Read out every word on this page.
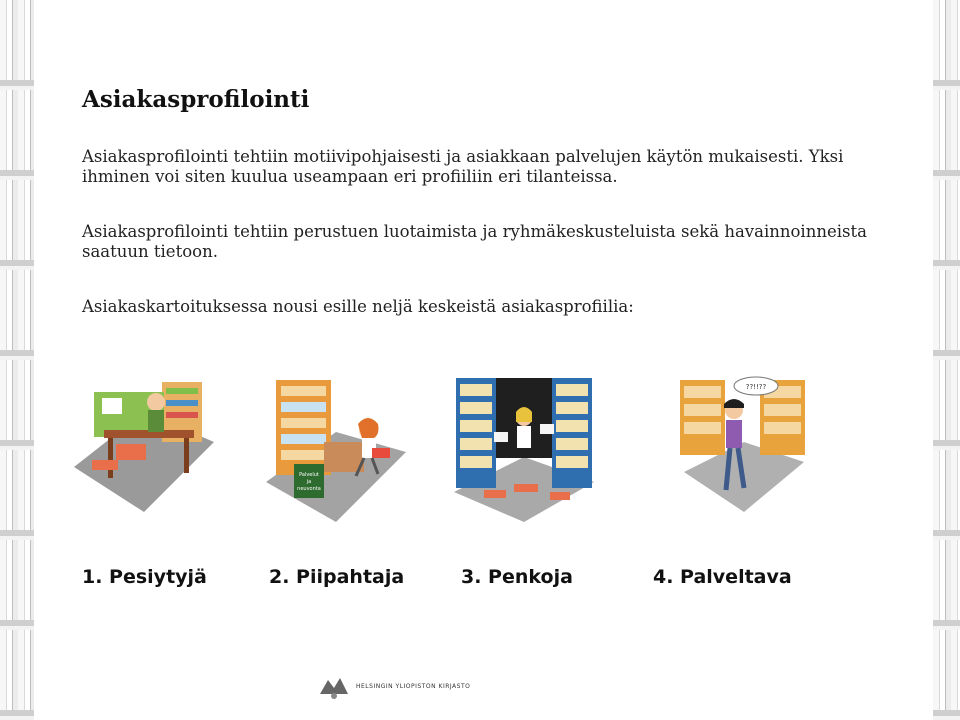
Asiakasprofilointi

Asiakasprofilointi tehtiin motiivipohjaisesti ja asiakkaan palvelujen käytön mukaisesti. Yksi ihminen voi siten kuulua useampaan eri profiiliin eri tilanteissa.

Asiakasprofilointi tehtiin perustuen luotaimista ja ryhmäkeskusteluista sekä havainnoinneista saatuun tietoon.

Asiakaskartoituksessa nousi esille neljä keskeistä asiakasprofiilia:

Palvelut
ja
neuvonta
??!!??
1. Pesiytyjä	2. Piipahtaja	3. Penkoja	4. Palveltava
HELSINGIN YLIOPISTON KIRJASTO
